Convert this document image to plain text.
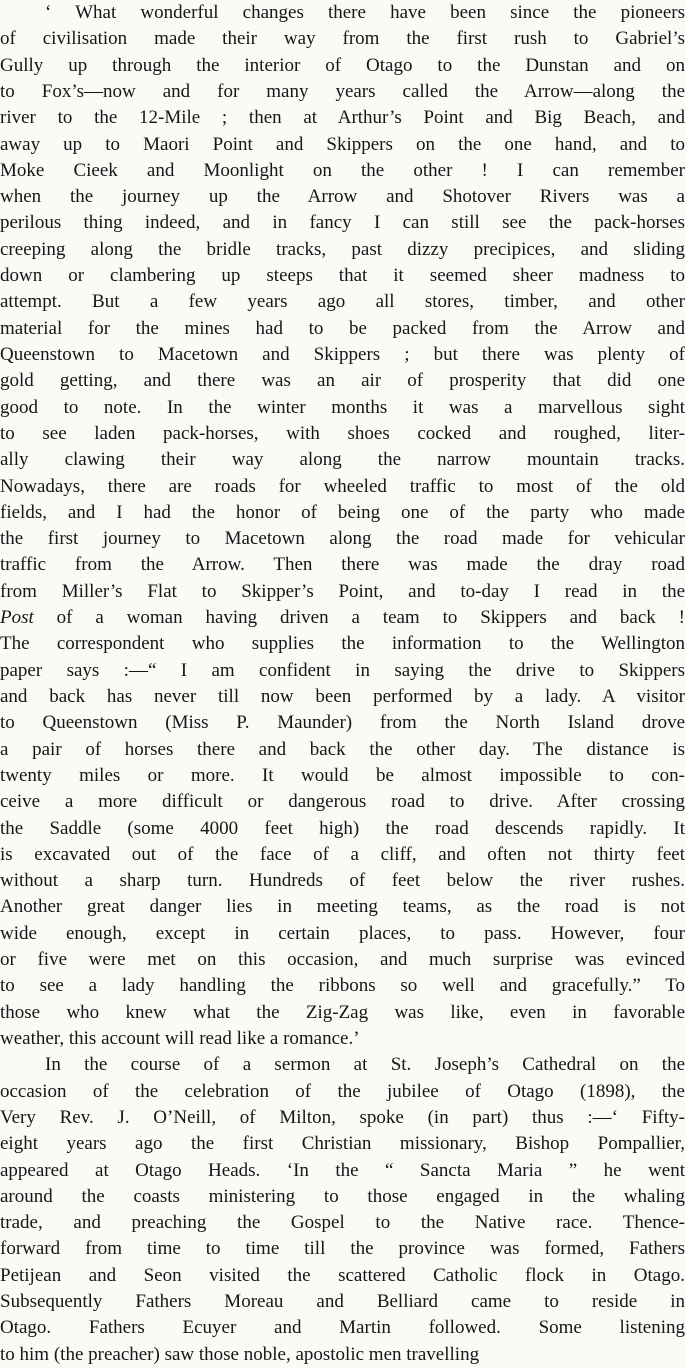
‘ What wonderful changes there have been since the pioneers

of civilisation made their way from the first rush to Gabriel’s

Gully up through the interior of Otago to the Dunstan and on

to Fox’s—now and for many years called the Arrow—along the

river to the 12-Mile ; then at Arthur’s Point and Big Beach, and

away up to Maori Point and Skippers on the one hand, and to

Moke Cieek and Moonlight on the other ! I can remember

when the journey up the Arrow and Shotover Rivers was a

perilous thing indeed, and in fancy I can still see the pack-horses

creeping along the bridle tracks, past dizzy precipices, and sliding

down or clambering up steeps that it seemed sheer madness to

attempt. But a few years ago all stores, timber, and other

material for the mines had to be packed from the Arrow and

Queenstown to Macetown and Skippers ; but there was plenty of

gold getting, and there was an air of prosperity that did one

good to note. In the winter months it was a marvellous sight

to see laden pack-horses, with shoes cocked and roughed, liter-

ally clawing their way along the narrow mountain tracks.

Nowadays, there are roads for wheeled traffic to most of the old

fields, and I had the honor of being one of the party who made

the first journey to Macetown along the road made for vehicular

traffic from the Arrow. Then there was made the dray road

from Miller’s Flat to Skipper’s Point, and to-day I read in the

Post of a woman having driven a team to Skippers and back !

The correspondent who supplies the information to the Wellington

paper says :—“ I am confident in saying the drive to Skippers

and back has never till now been performed by a lady. A visitor

to Queenstown (Miss P. Maunder) from the North Island drove

a pair of horses there and back the other day. The distance is

twenty miles or more. It would be almost impossible to con-

ceive a more difficult or dangerous road to drive. After crossing

the Saddle (some 4000 feet high) the road descends rapidly. It

is excavated out of the face of a cliff, and often not thirty feet

without a sharp turn. Hundreds of feet below the river rushes.

Another great danger lies in meeting teams, as the road is not

wide enough, except in certain places, to pass. However, four

or five were met on this occasion, and much surprise was evinced

to see a lady handling the ribbons so well and gracefully.” To

those who knew what the Zig-Zag was like, even in favorable

weather, this account will read like a romance.’

In the course of a sermon at St. Joseph’s Cathedral on the

occasion of the celebration of the jubilee of Otago (1898), the

Very Rev. J. O’Neill, of Milton, spoke (in part) thus :—‘ Fifty-

eight years ago the first Christian missionary, Bishop Pompallier,

appeared at Otago Heads. ‘In the “ Sancta Maria ” he went

around the coasts ministering to those engaged in the whaling

trade, and preaching the Gospel to the Native race. Thence-

forward from time to time till the province was formed, Fathers

Petijean and Seon visited the scattered Catholic flock in Otago.

Subsequently Fathers Moreau and Belliard came to reside in

Otago. Fathers Ecuyer and Martin followed. Some listening

to him (the preacher) saw those noble, apostolic men travelling
